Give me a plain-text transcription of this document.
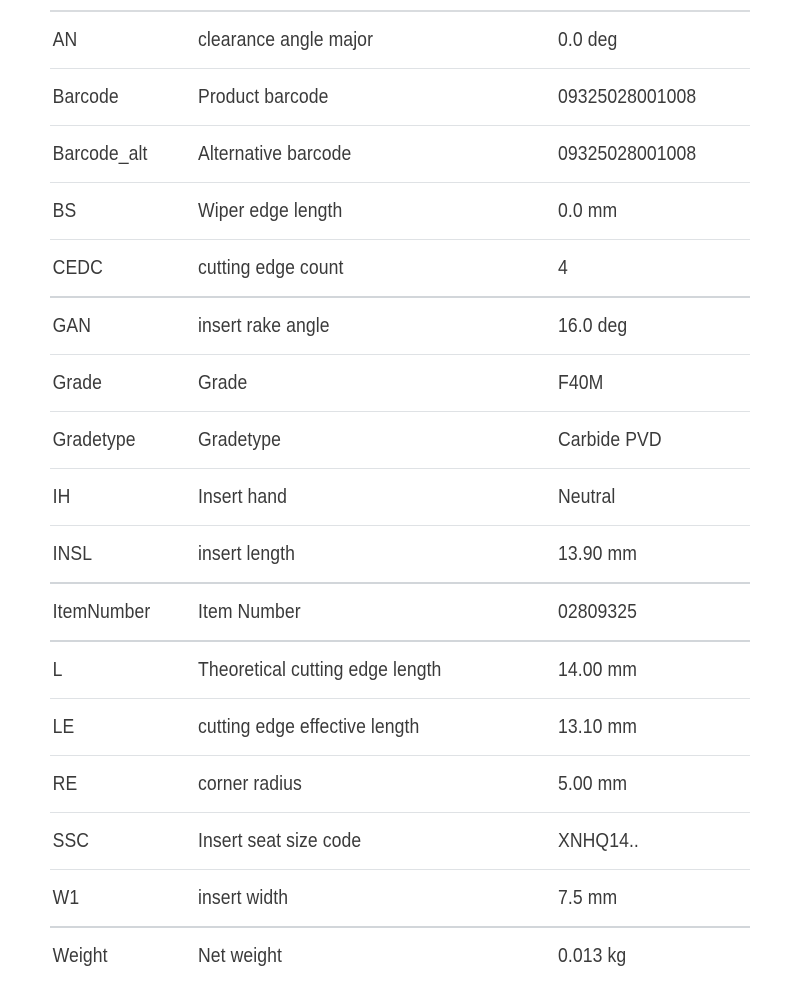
AN	clearance angle major	0.0 deg
Barcode	Product barcode	09325028001008
Barcode_alt	Alternative barcode	09325028001008
BS	Wiper edge length	0.0 mm
CEDC	cutting edge count	4
GAN	insert rake angle	16.0 deg
Grade	Grade	F40M
Gradetype	Gradetype	Carbide PVD
IH	Insert hand	Neutral
INSL	insert length	13.90 mm
ItemNumber	Item Number	02809325
L	Theoretical cutting edge length	14.00 mm
LE	cutting edge effective length	13.10 mm
RE	corner radius	5.00 mm
SSC	Insert seat size code	XNHQ14..
W1	insert width	7.5 mm
Weight	Net weight	0.013 kg
